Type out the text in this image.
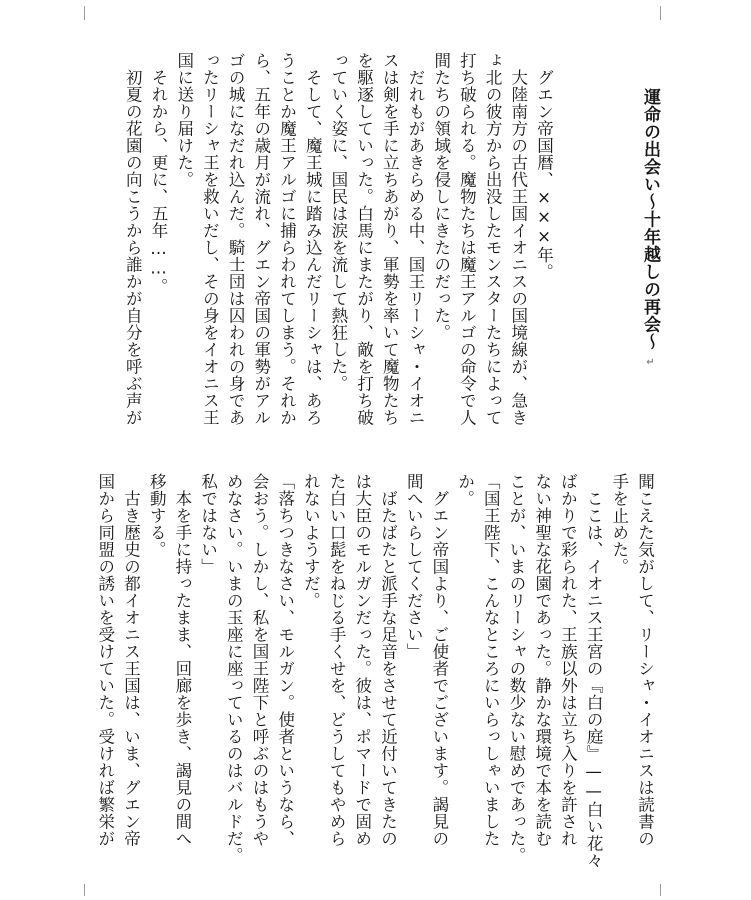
運命の出会い～十年越しの再会～↵
グエン帝国暦、×××年。
大陸南方の古代王国イオニスの国境線が、急き
ょ北の彼方から出没したモンスターたちによって
打ち破られる。魔物たちは魔王アルゴの命令で人
間たちの領域を侵しにきたのだった。
だれもがあきらめる中、国王リーシャ・イオニ
スは剣を手に立ちあがり、軍勢を率いて魔物たち
を駆逐していった。白馬にまたがり、敵を打ち破
っていく姿に、国民は涙を流して熱狂した。
そして、魔王城に踏み込んだリーシャは、あろ
うことか魔王アルゴに捕らわれてしまう。それか
ら、五年の歳月が流れ、グエン帝国の軍勢がアル
ゴの城になだれ込んだ。騎士団は囚われの身であ
ったリーシャ王を救いだし、その身をイオニス王
国に送り届けた。
それから、更に、五年……。
初夏の花園の向こうから誰かが自分を呼ぶ声が
聞こえた気がして、リーシャ・イオニスは読書の
手を止めた。
ここは、イオニス王宮の『白の庭』——白い花々
ばかりで彩られた、王族以外は立ち入りを許され
ない神聖な花園であった。静かな環境で本を読む
ことが、いまのリーシャの数少ない慰めであった。
「国王陛下、こんなところにいらっしゃいました
か。
グエン帝国より、ご使者でございます。謁見の
間へいらしてください」
ばたばたと派手な足音をさせて近付いてきたの
は大臣のモルガンだった。彼は、ポマードで固め
た白い口髭をねじる手くせを、どうしてもやめら
れないようすだ。
「落ちつきなさい、モルガン。使者というなら、
会おう。しかし、私を国王陛下と呼ぶのはもうや
めなさい。いまの玉座に座っているのはバルドだ。
私ではない」
本を手に持ったまま、回廊を歩き、謁見の間へ
移動する。
古き歴史の都イオニス王国は、いま、グエン帝
国から同盟の誘いを受けていた。受ければ繁栄が
